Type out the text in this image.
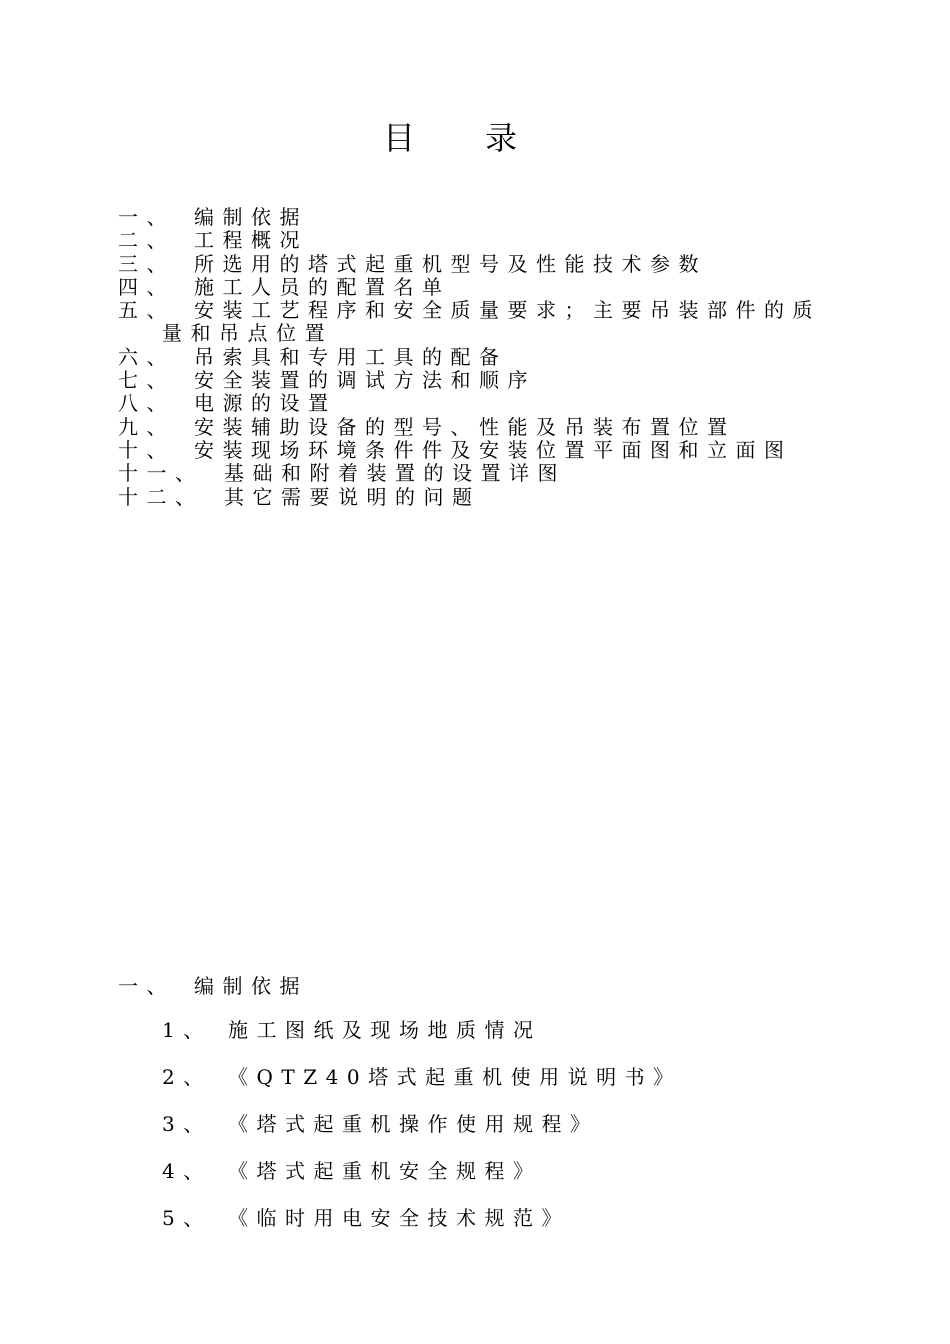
目录
一、 编制依据
二、 工程概况
三、 所选用的塔式起重机型号及性能技术参数
四、 施工人员的配置名单
五、 安装工艺程序和安全质量要求；主要吊装部件的质
量和吊点位置
六、 吊索具和专用工具的配备
七、 安全装置的调试方法和顺序
八、 电源的设置
九、 安装辅助设备的型号、性能及吊装布置位置
十、 安装现场环境条件件及安装位置平面图和立面图
十一、 基础和附着装置的设置详图
十二、 其它需要说明的问题
一、 编制依据
1、 施工图纸及现场地质情况
2、 《QTZ40塔式起重机使用说明书》
3、 《塔式起重机操作使用规程》
4、 《塔式起重机安全规程》
5、 《临时用电安全技术规范》
